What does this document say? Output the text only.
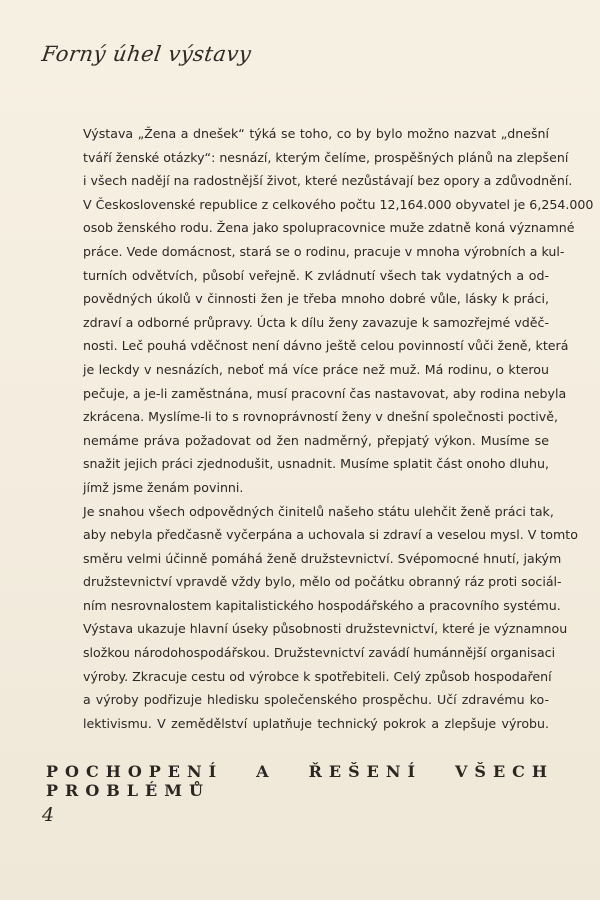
Forný úhel výstavy
Výstava „Žena a dnešek“ týká se toho, co by bylo možno nazvat „dnešní
tváří ženské otázky“: nesnází, kterým čelíme, prospěšných plánů na zlepšení
i všech nadějí na radostnější život, které nezůstávají bez opory a zdůvodnění.
V Československé republice z celkového počtu 12,164.000 obyvatel je 6,254.000
osob ženského rodu. Žena jako spolupracovnice muže zdatně koná významné
práce. Vede domácnost, stará se o rodinu, pracuje v mnoha výrobních a kul-
turních odvětvích, působí veřejně. K zvládnutí všech tak vydatných a od-
povědných úkolů v činnosti žen je třeba mnoho dobré vůle, lásky k práci,
zdraví a odborné průpravy. Úcta k dílu ženy zavazuje k samozřejmé vděč-
nosti. Leč pouhá vděčnost není dávno ještě celou povinností vůči ženě, která
je leckdy v nesnázích, neboť má více práce než muž. Má rodinu, o kterou
pečuje, a je-li zaměstnána, musí pracovní čas nastavovat, aby rodina nebyla
zkrácena. Myslíme-li to s rovnoprávností ženy v dnešní společnosti poctivě,
nemáme práva požadovat od žen nadměrný, přepjatý výkon. Musíme se
snažit jejich práci zjednodušit, usnadnit. Musíme splatit část onoho dluhu,
jímž jsme ženám povinni.
Je snahou všech odpovědných činitelů našeho státu ulehčit ženě práci tak,
aby nebyla předčasně vyčerpána a uchovala si zdraví a veselou mysl. V tomto
směru velmi účinně pomáhá ženě družstevnictví. Svépomocné hnutí, jakým
družstevnictví vpravdě vždy bylo, mělo od počátku obranný ráz proti sociál-
ním nesrovnalostem kapitalistického hospodářského a pracovního systému.
Výstava ukazuje hlavní úseky působnosti družstevnictví, které je významnou
složkou národohospodářskou. Družstevnictví zavádí humánnější organisaci
výroby. Zkracuje cestu od výrobce k spotřebiteli. Celý způsob hospodaření
a výroby podřizuje hledisku společenského prospěchu. Učí zdravému ko-
lektivismu. V zemědělství uplatňuje technický pokrok a zlepšuje výrobu.
POCHOPENÍ A ŘEŠENÍ VŠECH PROBLÉMŮ
4
